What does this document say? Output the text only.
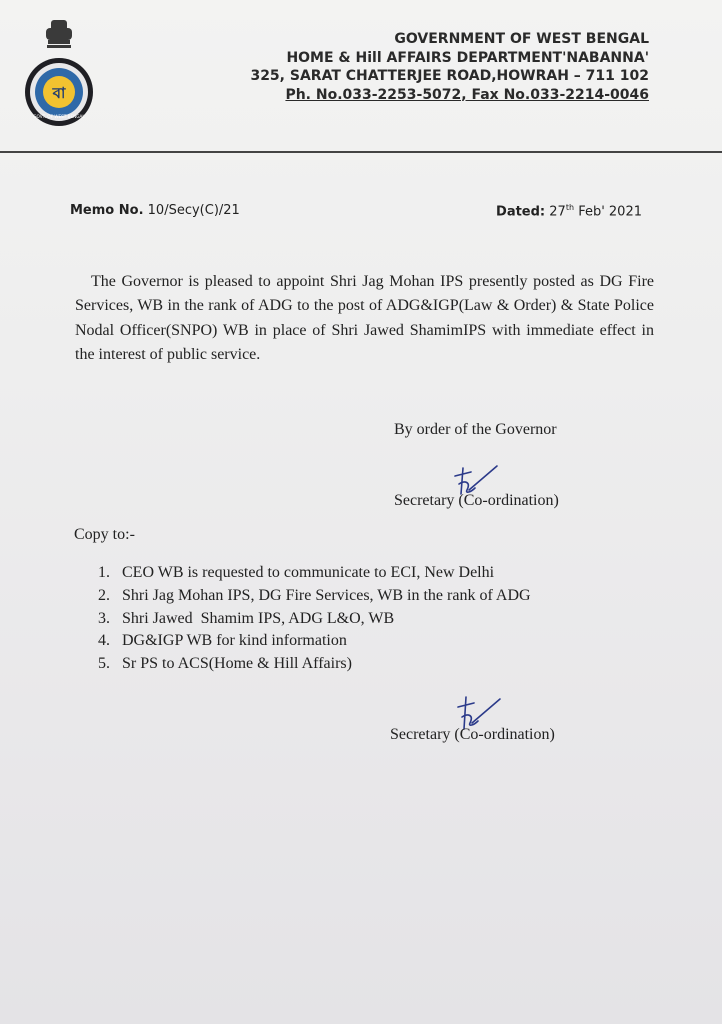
বা
GOVT. OF WEST BENGAL
GOVERNMENT OF WEST BENGAL
HOME & Hill AFFAIRS DEPARTMENT'NABANNA'
325, SARAT CHATTERJEE ROAD,HOWRAH – 711 102
Ph. No.033-2253-5072, Fax No.033-2214-0046
Memo No. 10/Secy(C)/21	Dated: 27th Feb' 2021

The Governor is pleased to appoint Shri Jag Mohan IPS presently posted as DG Fire Services, WB in the rank of ADG to the post of ADG&IGP(Law & Order) & State Police Nodal Officer(SNPO) WB in place of Shri Jawed ShamimIPS with immediate effect in the interest of public service.

By order of the Governor
Secretary (Co-ordination)
Copy to:-
1. CEO WB is requested to communicate to ECI, New Delhi
2. Shri Jag Mohan IPS, DG Fire Services, WB in the rank of ADG
3. Shri Jawed  Shamim IPS, ADG L&O, WB
4. DG&IGP WB for kind information
5. Sr PS to ACS(Home & Hill Affairs)
Secretary (Co-ordination)
